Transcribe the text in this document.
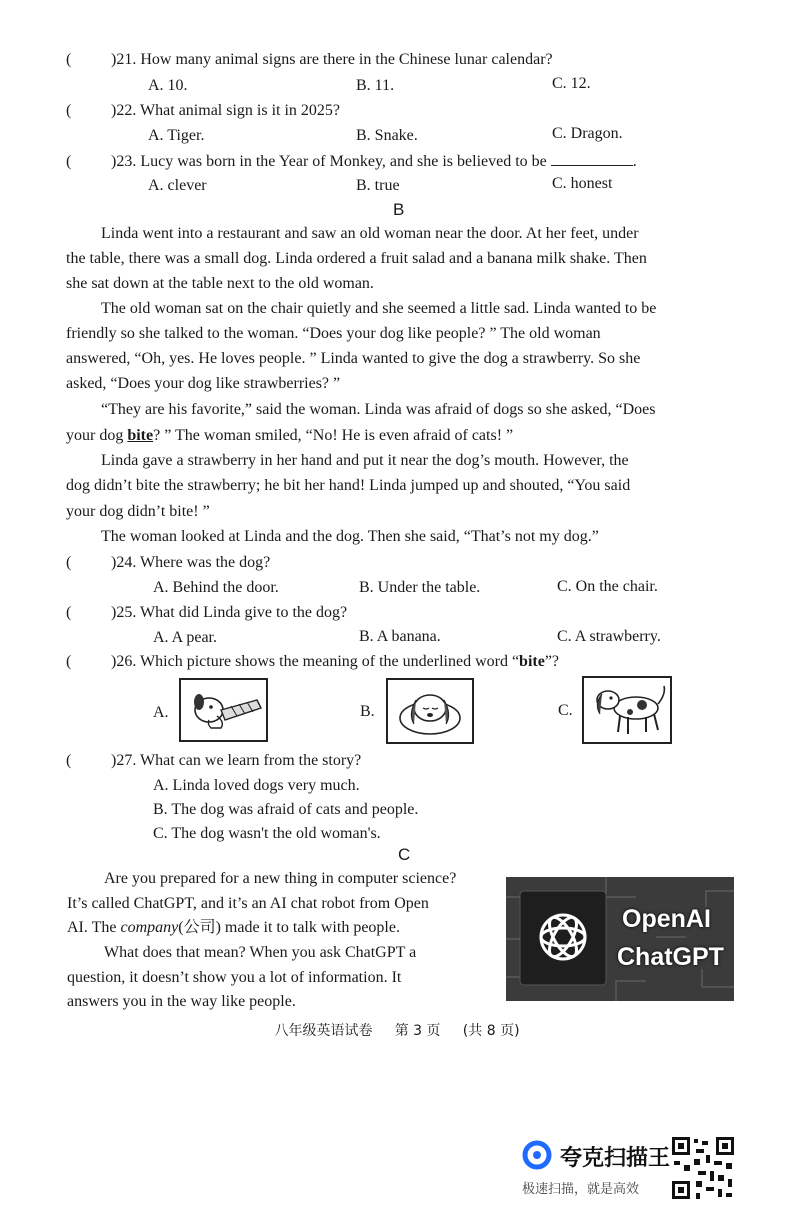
( )21. How many animal signs are there in the Chinese lunar calendar?
A. 10.	B. 11.	C. 12.
( )22. What animal sign is it in 2025?
A. Tiger.	B. Snake.	C. Dragon.
( )23. Lucy was born in the Year of Monkey, and she is believed to be	.
A. clever	B. true	C. honest
B
Linda went into a restaurant and saw an old woman near the door. At her feet, under
the table, there was a small dog. Linda ordered a fruit salad and a banana milk shake. Then
she sat down at the table next to the old woman.
The old woman sat on the chair quietly and she seemed a little sad. Linda wanted to be
friendly so she talked to the woman. “Does your dog like people? ” The old woman
answered, “Oh, yes. He loves people. ” Linda wanted to give the dog a strawberry. So she
asked, “Does your dog like strawberries? ”
“They are his favorite,” said the woman. Linda was afraid of dogs so she asked, “Does
your dog bite? ” The woman smiled, “No! He is even afraid of cats! ”
Linda gave a strawberry in her hand and put it near the dog’s mouth. However, the
dog didn’t bite the strawberry; he bit her hand! Linda jumped up and shouted, “You said
your dog didn’t bite! ”
The woman looked at Linda and the dog. Then she said, “That’s not my dog.”
( )24. Where was the dog?
A. Behind the door.	B. Under the table.	C. On the chair.
( )25. What did Linda give to the dog?
A. A pear.	B. A banana.	C. A strawberry.
( )26. Which picture shows the meaning of the underlined word “bite”?
A.	B.	C.
( )27. What can we learn from the story?
A. Linda loved dogs very much.
B. The dog was afraid of cats and people.
C. The dog wasn't the old woman's.
C
Are you prepared for a new thing in computer science?
It’s called ChatGPT, and it’s an AI chat robot from Open
AI. The company(公司) made it to talk with people.
What does that mean? When you ask ChatGPT a
question, it doesn’t show you a lot of information. It
answers you in the way like people.
OpenAI
ChatGPT
八年级英语试卷 第 3 页 (共 8 页)
夸克扫描王
极速扫描，就是高效
